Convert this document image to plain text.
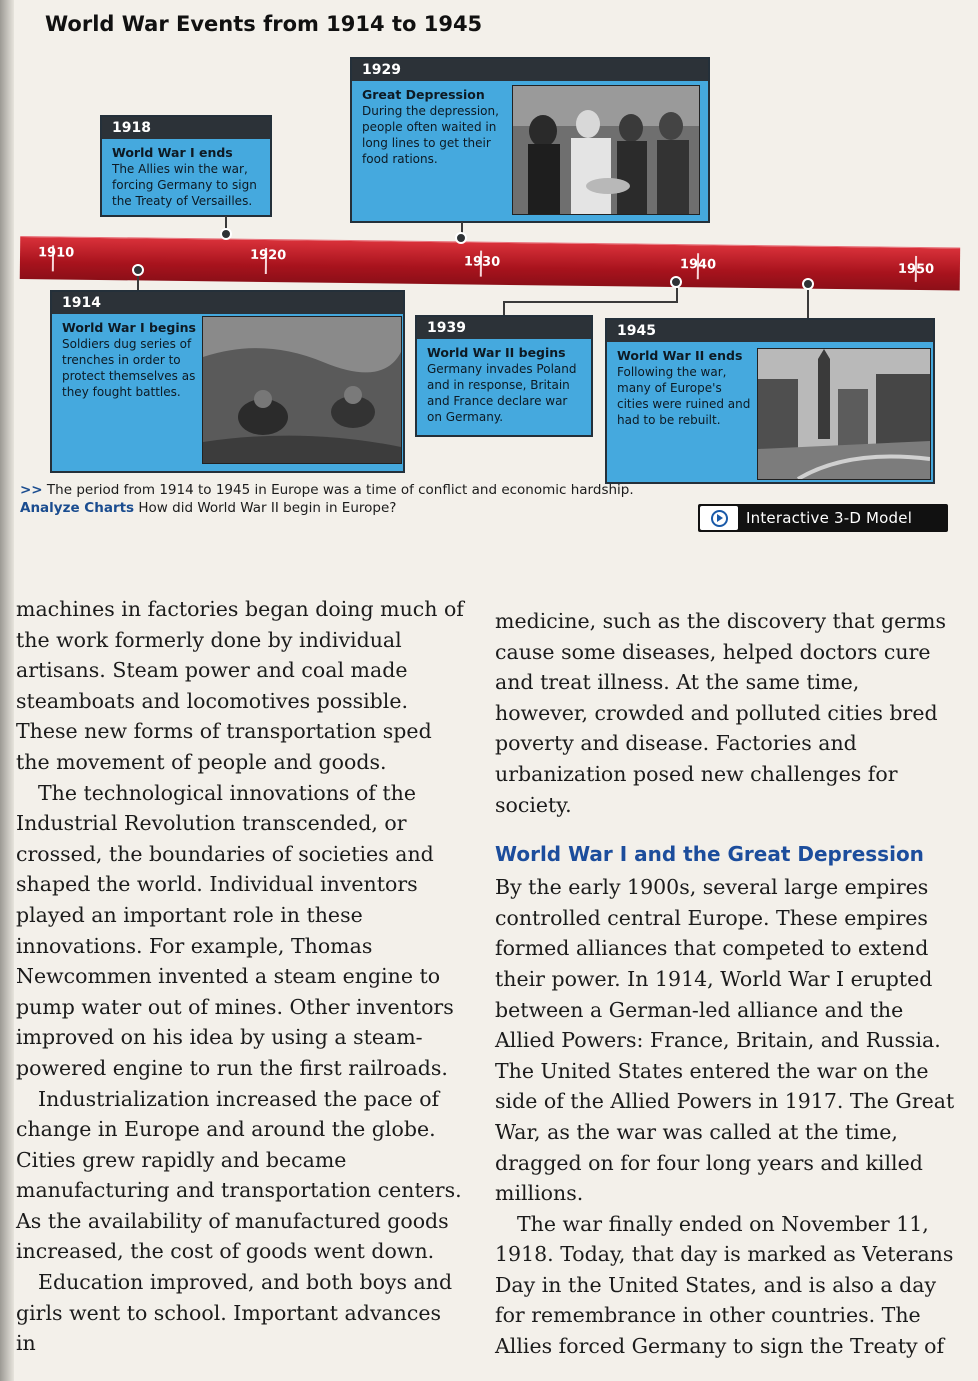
World War Events from 1914 to 1945
1929
Great Depression
During the depression, people often waited in long lines to get their food rations.
1918
World War I ends
The Allies win the war, forcing Germany to sign the Treaty of Versailles.
1910	1920	1930	1940	1950
1914
World War I begins
Soldiers dug series of trenches in order to protect themselves as they fought battles.
1939
World War II begins
Germany invades Poland and in response, Britain and France declare war on Germany.
1945
World War II ends
Following the war, many of Europe's cities were ruined and had to be rebuilt.
>> The period from 1914 to 1945 in Europe was a time of conflict and economic hardship. Analyze Charts How did World War II begin in Europe?
Interactive 3-D Model

machines in factories began doing much of the work formerly done by individual artisans. Steam power and coal made steamboats and locomotives possible. These new forms of transportation sped the movement of people and goods.

The technological innovations of the Industrial Revolution transcended, or crossed, the boundaries of societies and shaped the world. Individual inventors played an important role in these innovations. For example, Thomas Newcommen invented a steam engine to pump water out of mines. Other inventors improved on his idea by using a steam-powered engine to run the first railroads.

Industrialization increased the pace of change in Europe and around the globe. Cities grew rapidly and became manufacturing and transportation centers. As the availability of manufactured goods increased, the cost of goods went down.

Education improved, and both boys and girls went to school. Important advances in

medicine, such as the discovery that germs cause some diseases, helped doctors cure and treat illness. At the same time, however, crowded and polluted cities bred poverty and disease. Factories and urbanization posed new challenges for society.

World War I and the Great Depression

By the early 1900s, several large empires controlled central Europe. These empires formed alliances that competed to extend their power. In 1914, World War I erupted between a German-led alliance and the Allied Powers: France, Britain, and Russia. The United States entered the war on the side of the Allied Powers in 1917. The Great War, as the war was called at the time, dragged on for four long years and killed millions.

The war finally ended on November 11, 1918. Today, that day is marked as Veterans Day in the United States, and is also a day for remembrance in other countries. The Allies forced Germany to sign the Treaty of
